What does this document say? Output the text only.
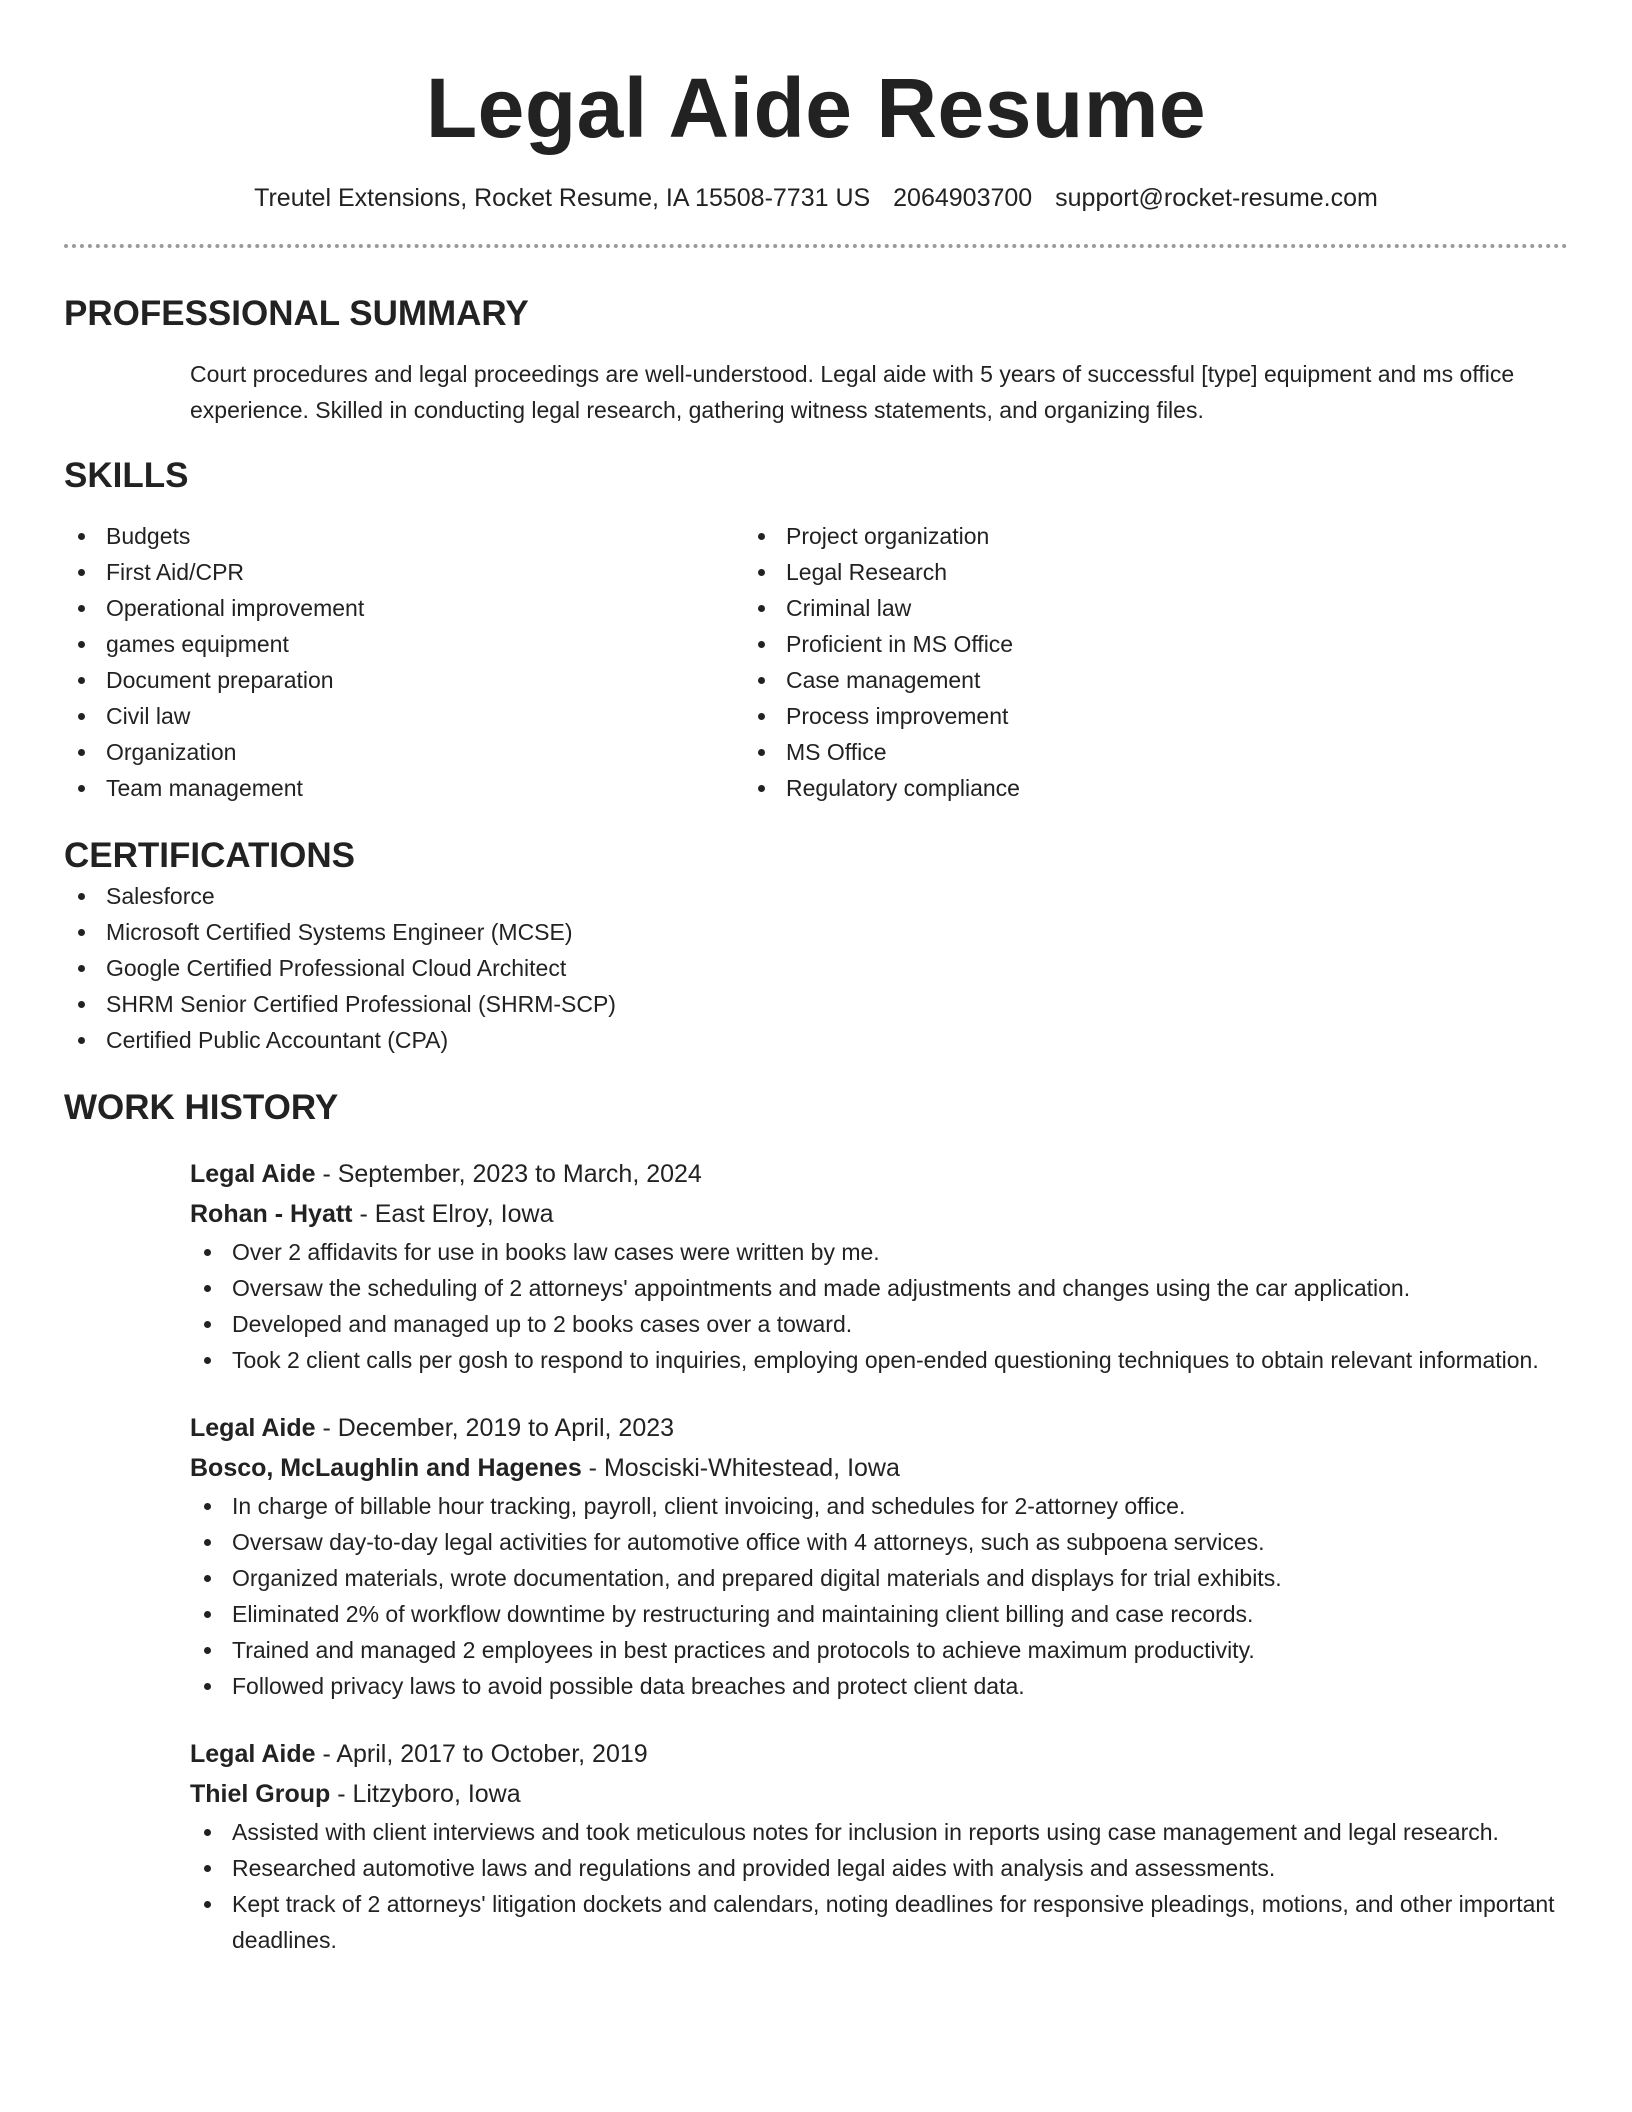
Legal Aide Resume
Treutel Extensions, Rocket Resume, IA 15508-7731 US 2064903700 support@rocket-resume.com
PROFESSIONAL SUMMARY

Court procedures and legal proceedings are well-understood. Legal aide with 5 years of successful [type] equipment and ms office experience. Skilled in conducting legal research, gathering witness statements, and organizing files.

SKILLS
Budgets
First Aid/CPR
Operational improvement
games equipment
Document preparation
Civil law
Organization
Team management
Project organization
Legal Research
Criminal law
Proficient in MS Office
Case management
Process improvement
MS Office
Regulatory compliance
CERTIFICATIONS
Salesforce
Microsoft Certified Systems Engineer (MCSE)
Google Certified Professional Cloud Architect
SHRM Senior Certified Professional (SHRM-SCP)
Certified Public Accountant (CPA)
WORK HISTORY
Legal Aide - September, 2023 to March, 2024
Rohan - Hyatt - East Elroy, Iowa
Over 2 affidavits for use in books law cases were written by me.
Oversaw the scheduling of 2 attorneys' appointments and made adjustments and changes using the car application.
Developed and managed up to 2 books cases over a toward.
Took 2 client calls per gosh to respond to inquiries, employing open-ended questioning techniques to obtain relevant information.
Legal Aide - December, 2019 to April, 2023
Bosco, McLaughlin and Hagenes - Mosciski-Whitestead, Iowa
In charge of billable hour tracking, payroll, client invoicing, and schedules for 2-attorney office.
Oversaw day-to-day legal activities for automotive office with 4 attorneys, such as subpoena services.
Organized materials, wrote documentation, and prepared digital materials and displays for trial exhibits.
Eliminated 2% of workflow downtime by restructuring and maintaining client billing and case records.
Trained and managed 2 employees in best practices and protocols to achieve maximum productivity.
Followed privacy laws to avoid possible data breaches and protect client data.
Legal Aide - April, 2017 to October, 2019
Thiel Group - Litzyboro, Iowa
Assisted with client interviews and took meticulous notes for inclusion in reports using case management and legal research.
Researched automotive laws and regulations and provided legal aides with analysis and assessments.
Kept track of 2 attorneys' litigation dockets and calendars, noting deadlines for responsive pleadings, motions, and other important deadlines.
